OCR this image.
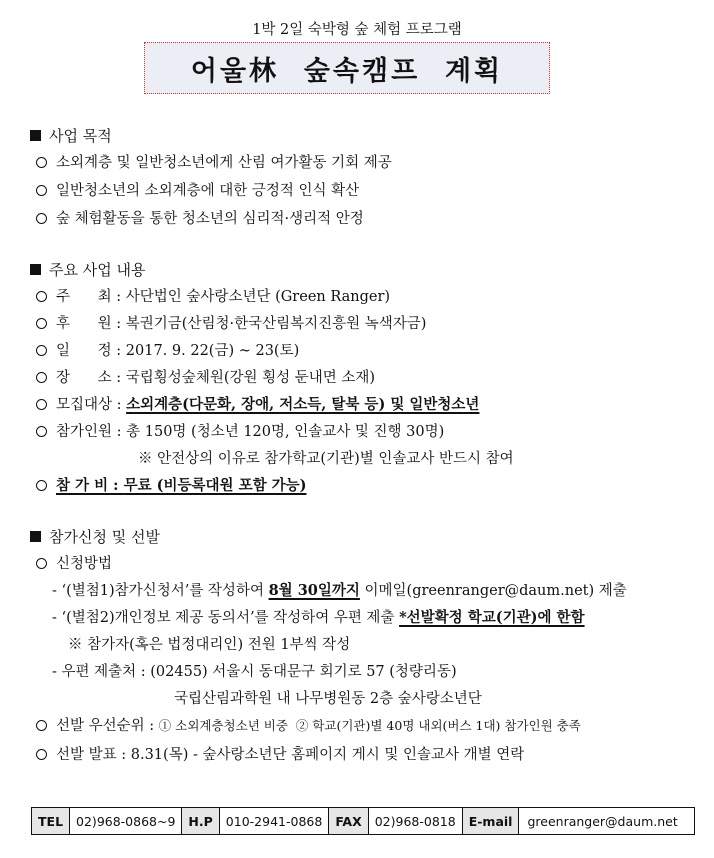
1박 2일 숙박형 숲 체험 프로그램
어울林  숲속캠프  계획
사업 목적
소외계층 및 일반청소년에게 산림 여가활동 기회 제공
일반청소년의 소외계층에 대한 긍정적 인식 확산
숲 체험활동을 통한 청소년의 심리적·생리적 안정
주요 사업 내용
주      최 : 사단법인 숲사랑소년단 (Green Ranger)
후      원 : 복권기금(산림청·한국산림복지진흥원 녹색자금)
일      정 : 2017. 9. 22(금) ~ 23(토)
장      소 : 국립횡성숲체원(강원 횡성 둔내면 소재)
모집대상 : 소외계층(다문화, 장애, 저소득, 탈북 등) 및 일반청소년
참가인원 : 총 150명 (청소년 120명, 인솔교사 및 진행 30명)
※ 안전상의 이유로 참가학교(기관)별 인솔교사 반드시 참여
참 가 비 : 무료 (비등록대원 포함 가능)
참가신청 및 선발
신청방법
- ‘(별첨1)참가신청서’를 작성하여 8월 30일까지 이메일(greenranger@daum.net) 제출
- ‘(별첨2)개인정보 제공 동의서’를 작성하여 우편 제출 *선발확정 학교(기관)에 한함
※ 참가자(혹은 법정대리인) 전원 1부씩 작성
- 우편 제출처 : (02455) 서울시 동대문구 회기로 57 (청량리동)
국립산림과학원 내 나무병원동 2층 숲사랑소년단
선발 우선순위 : ① 소외계층청소년 비중  ② 학교(기관)별 40명 내외(버스 1대) 참가인원 충족
선발 발표 : 8.31(목) - 숲사랑소년단 홈페이지 게시 및 인솔교사 개별 연락
TEL	02)968-0868~9	H.P	010-2941-0868	FAX	02)968-0818	E-mail	greenranger@daum.net
